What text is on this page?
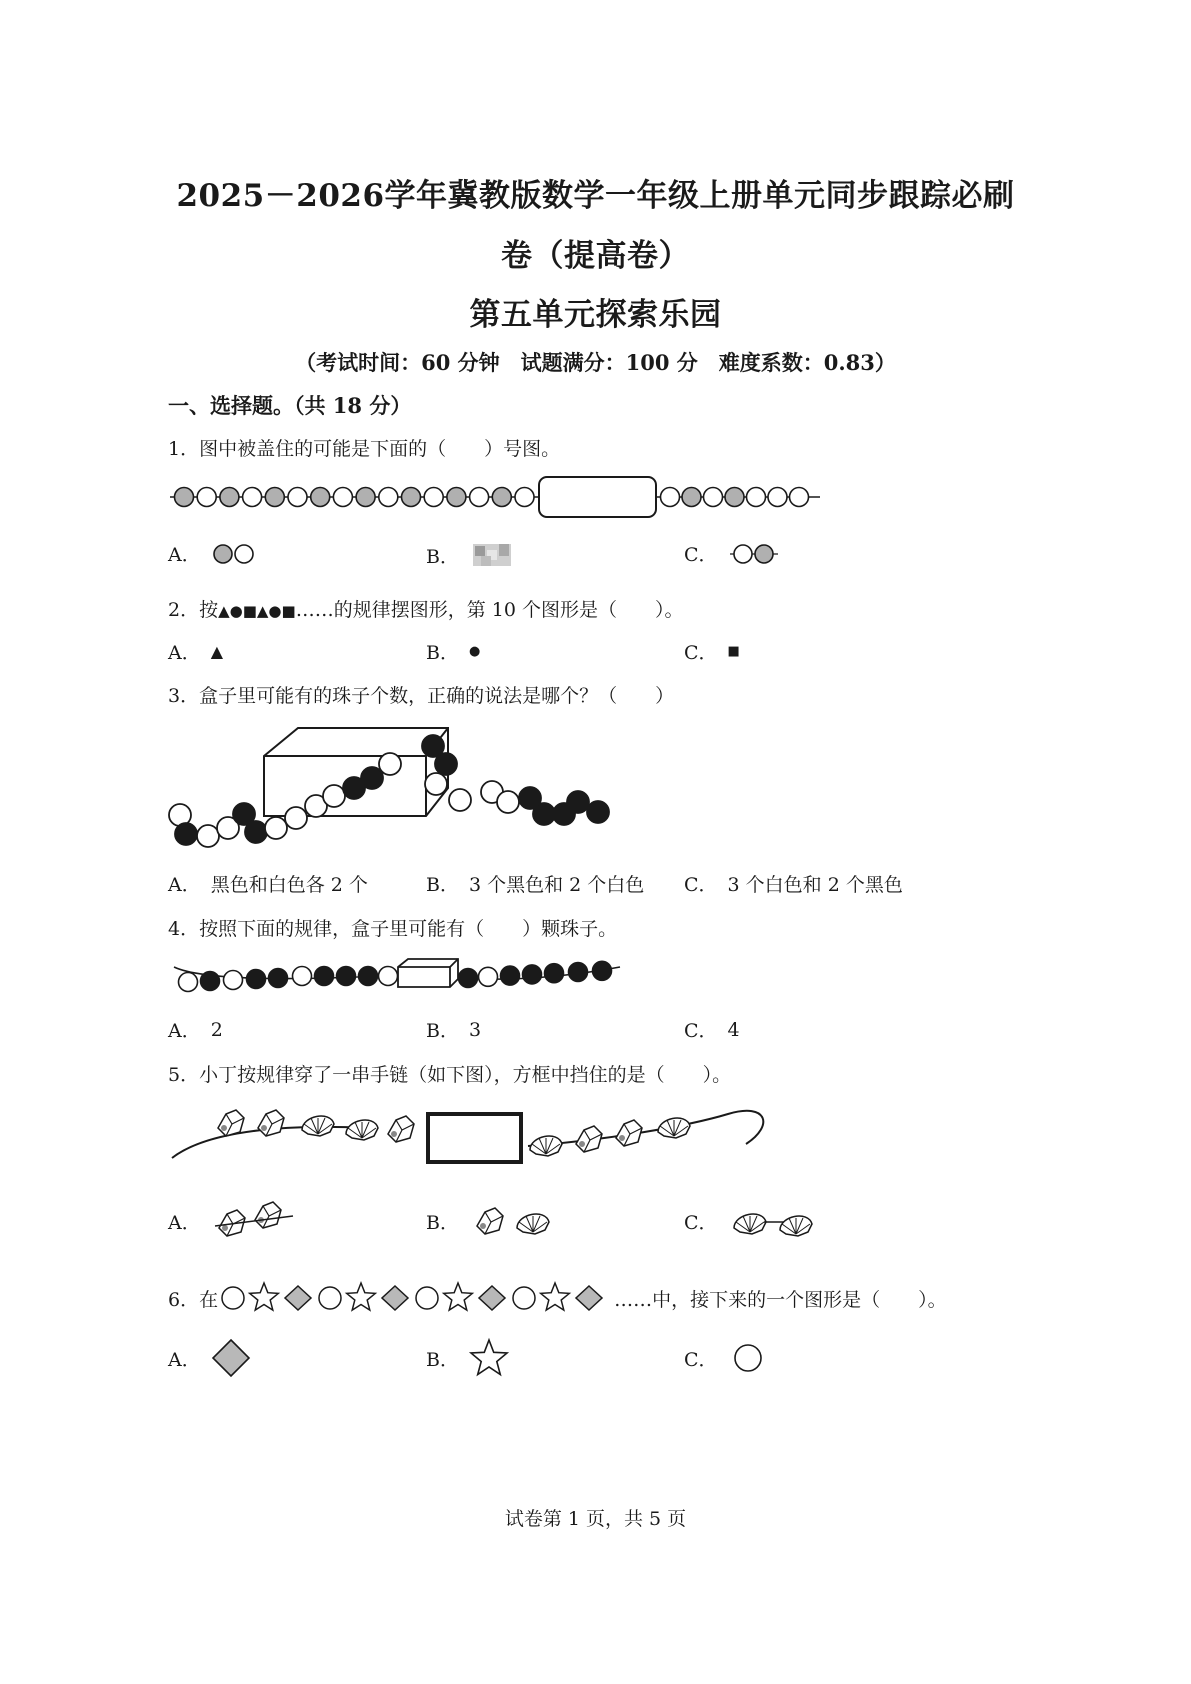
2025－2026学年冀教版数学一年级上册单元同步跟踪必刷
卷（提高卷）
第五单元探索乐园
（考试时间：60 分钟　试题满分：100 分　难度系数：0.83）
一、选择题。（共 18 分）
1．图中被盖住的可能是下面的（　　）号图。
A．	B．	C．
2．按▲●■▲●■……的规律摆图形，第 10 个图形是（　　）。
A． ▲	B． ●	C． ■
3．盒子里可能有的珠子个数，正确的说法是哪个？（　　）
A． 黑色和白色各 2 个	B． 3 个黑色和 2 个白色 C． 3 个白色和 2 个黑色
4．按照下面的规律，盒子里可能有（　　）颗珠子。
A． 2	B． 3	C． 4
5．小丁按规律穿了一串手链（如下图），方框中挡住的是（　　）。
A．	B．	C．
6．在	……中，接下来的一个图形是（　　）。
A．	B．	C．
试卷第 1 页，共 5 页
